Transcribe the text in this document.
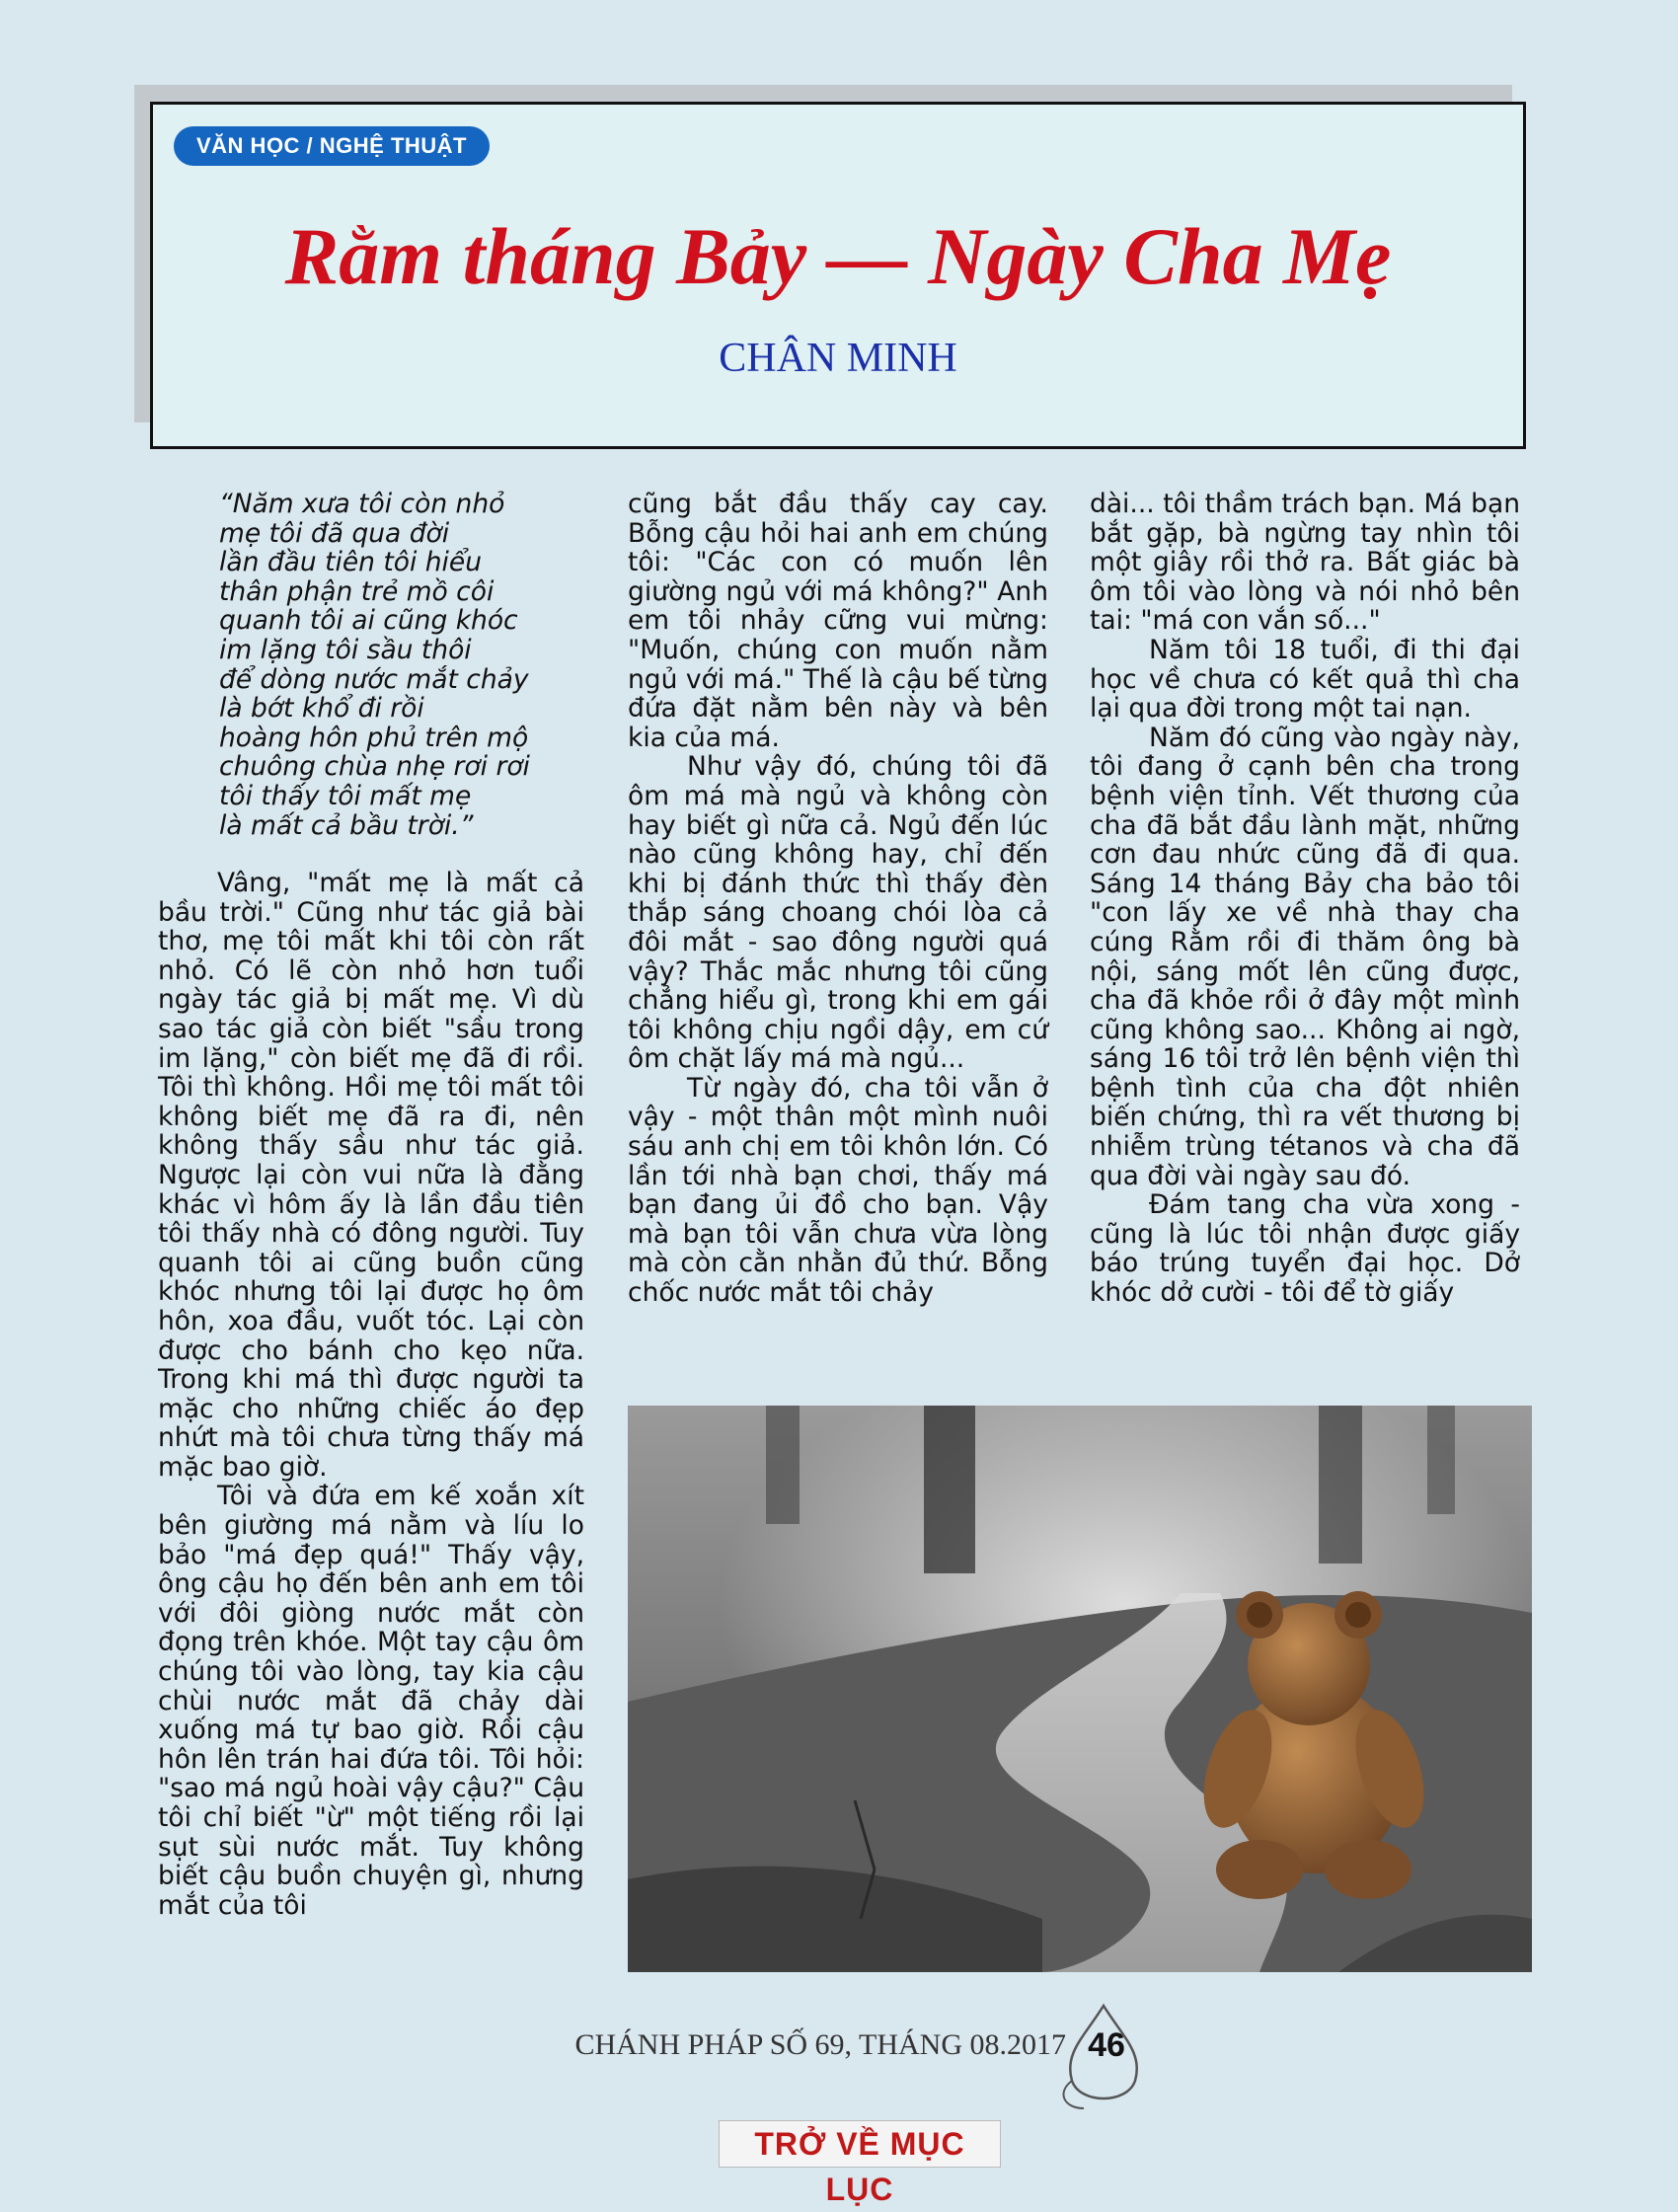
VĂN HỌC / NGHỆ THUẬT
Rằm tháng Bảy — Ngày Cha Mẹ
CHÂN MINH
“Năm xưa tôi còn nhỏ
mẹ tôi đã qua đời
lần đầu tiên tôi hiểu
thân phận trẻ mồ côi
quanh tôi ai cũng khóc
im lặng tôi sầu thôi
để dòng nước mắt chảy
là bớt khổ đi rồi
hoàng hôn phủ trên mộ
chuông chùa nhẹ rơi rơi
tôi thấy tôi mất mẹ
là mất cả bầu trời.”

Vâng, "mất mẹ là mất cả bầu trời." Cũng như tác giả bài thơ, mẹ tôi mất khi tôi còn rất nhỏ. Có lẽ còn nhỏ hơn tuổi ngày tác giả bị mất mẹ. Vì dù sao tác giả còn biết "sầu trong im lặng," còn biết mẹ đã đi rồi. Tôi thì không. Hồi mẹ tôi mất tôi không biết mẹ đã ra đi, nên không thấy sầu như tác giả. Ngược lại còn vui nữa là đằng khác vì hôm ấy là lần đầu tiên tôi thấy nhà có đông người. Tuy quanh tôi ai cũng buồn cũng khóc nhưng tôi lại được họ ôm hôn, xoa đầu, vuốt tóc. Lại còn được cho bánh cho kẹo nữa. Trong khi má thì được người ta mặc cho những chiếc áo đẹp nhứt mà tôi chưa từng thấy má mặc bao giờ.

Tôi và đứa em kế xoắn xít bên giường má nằm và líu lo bảo "má đẹp quá!" Thấy vậy, ông cậu họ đến bên anh em tôi với đôi giòng nước mắt còn đọng trên khóe. Một tay cậu ôm chúng tôi vào lòng, tay kia cậu chùi nước mắt đã chảy dài xuống má tự bao giờ. Rồi cậu hôn lên trán hai đứa tôi. Tôi hỏi: "sao má ngủ hoài vậy cậu?" Cậu tôi chỉ biết "ừ" một tiếng rồi lại sụt sùi nước mắt. Tuy không biết cậu buồn chuyện gì, nhưng mắt của tôi

cũng bắt đầu thấy cay cay. Bỗng cậu hỏi hai anh em chúng tôi: "Các con có muốn lên giường ngủ với má không?" Anh em tôi nhảy cững vui mừng: "Muốn, chúng con muốn nằm ngủ với má." Thế là cậu bế từng đứa đặt nằm bên này và bên kia của má.

Như vậy đó, chúng tôi đã ôm má mà ngủ và không còn hay biết gì nữa cả. Ngủ đến lúc nào cũng không hay, chỉ đến khi bị đánh thức thì thấy đèn thắp sáng choang chói lòa cả đôi mắt - sao đông người quá vậy? Thắc mắc nhưng tôi cũng chẳng hiểu gì, trong khi em gái tôi không chịu ngồi dậy, em cứ ôm chặt lấy má mà ngủ...

Từ ngày đó, cha tôi vẫn ở vậy - một thân một mình nuôi sáu anh chị em tôi khôn lớn. Có lần tới nhà bạn chơi, thấy má bạn đang ủi đồ cho bạn. Vậy mà bạn tôi vẫn chưa vừa lòng mà còn cằn nhằn đủ thứ. Bỗng chốc nước mắt tôi chảy

dài... tôi thầm trách bạn. Má bạn bắt gặp, bà ngừng tay nhìn tôi một giây rồi thở ra. Bất giác bà ôm tôi vào lòng và nói nhỏ bên tai: "má con vắn số..."

Năm tôi 18 tuổi, đi thi đại học về chưa có kết quả thì cha lại qua đời trong một tai nạn.

Năm đó cũng vào ngày này, tôi đang ở cạnh bên cha trong bệnh viện tỉnh. Vết thương của cha đã bắt đầu lành mặt, những cơn đau nhức cũng đã đi qua. Sáng 14 tháng Bảy cha bảo tôi "con lấy xe về nhà thay cha cúng Rằm rồi đi thăm ông bà nội, sáng mốt lên cũng được, cha đã khỏe rồi ở đây một mình cũng không sao... Không ai ngờ, sáng 16 tôi trở lên bệnh viện thì bệnh tình của cha đột nhiên biến chứng, thì ra vết thương bị nhiễm trùng tétanos và cha đã qua đời vài ngày sau đó.

Đám tang cha vừa xong - cũng là lúc tôi nhận được giấy báo trúng tuyển đại học. Dở khóc dở cười - tôi để tờ giấy

CHÁNH PHÁP SỐ 69, THÁNG 08.2017 46
TRỞ VỀ MỤC LỤC
